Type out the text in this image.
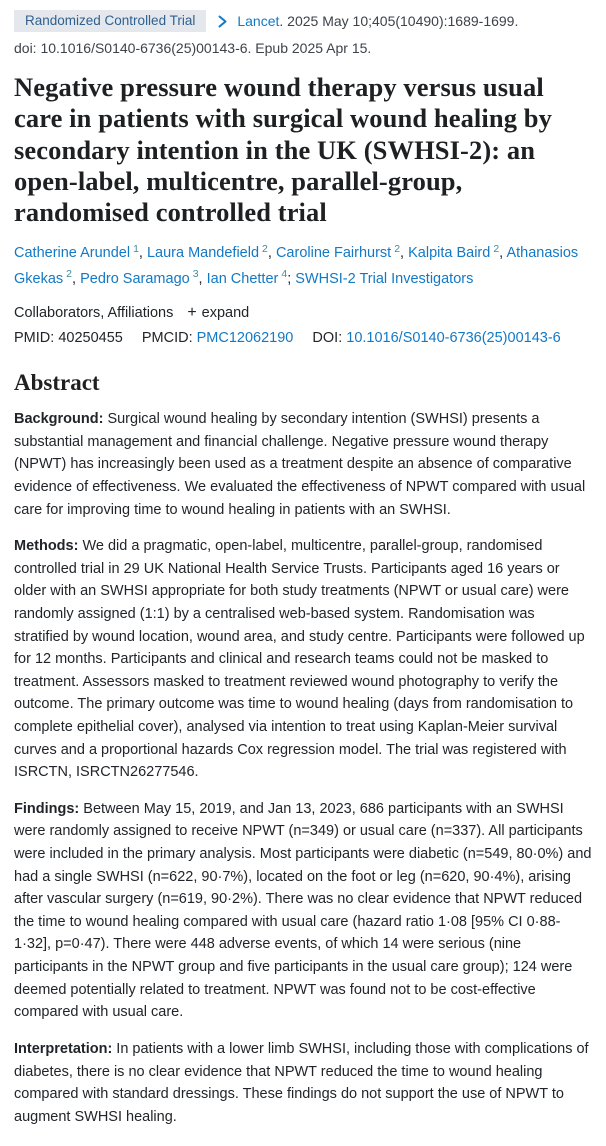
Randomized Controlled Trial	Lancet. 2025 May 10;405(10490):1689-1699.
doi: 10.1016/S0140-6736(25)00143-6. Epub 2025 Apr 15.
Negative pressure wound therapy versus usual care in patients with surgical wound healing by secondary intention in the UK (SWHSI-2): an open-label, multicentre, parallel-group, randomised controlled trial
Catherine Arundel $^1$, Laura Mandefield $^2$, Caroline Fairhurst $^2$, Kalpita Baird $^2$, Athanasios Gkekas $^2$, Pedro Saramago $^3$, Ian Chetter $^4$; SWHSI-2 Trial Investigators
Collaborators, Affiliations + expand
PMID: 40250455 PMCID: PMC12062190 DOI: 10.1016/S0140-6736(25)00143-6
Abstract

Background: Surgical wound healing by secondary intention (SWHSI) presents a substantial management and financial challenge. Negative pressure wound therapy (NPWT) has increasingly been used as a treatment despite an absence of comparative evidence of effectiveness. We evaluated the effectiveness of NPWT compared with usual care for improving time to wound healing in patients with an SWHSI.

Methods: We did a pragmatic, open-label, multicentre, parallel-group, randomised controlled trial in 29 UK National Health Service Trusts. Participants aged 16 years or older with an SWHSI appropriate for both study treatments (NPWT or usual care) were randomly assigned (1:1) by a centralised web-based system. Randomisation was stratified by wound location, wound area, and study centre. Participants were followed up for 12 months. Participants and clinical and research teams could not be masked to treatment. Assessors masked to treatment reviewed wound photography to verify the outcome. The primary outcome was time to wound healing (days from randomisation to complete epithelial cover), analysed via intention to treat using Kaplan-Meier survival curves and a proportional hazards Cox regression model. The trial was registered with ISRCTN, ISRCTN26277546.

Findings: Between May 15, 2019, and Jan 13, 2023, 686 participants with an SWHSI were randomly assigned to receive NPWT (n=349) or usual care (n=337). All participants were included in the primary analysis. Most participants were diabetic (n=549, 80·0%) and had a single SWHSI (n=622, 90·7%), located on the foot or leg (n=620, 90·4%), arising after vascular surgery (n=619, 90·2%). There was no clear evidence that NPWT reduced the time to wound healing compared with usual care (hazard ratio 1·08 [95% CI 0·88-1·32], p=0·47). There were 448 adverse events, of which 14 were serious (nine participants in the NPWT group and five participants in the usual care group); 124 were deemed potentially related to treatment. NPWT was found not to be cost-effective compared with usual care.

Interpretation: In patients with a lower limb SWHSI, including those with complications of diabetes, there is no clear evidence that NPWT reduced the time to wound healing compared with standard dressings. These findings do not support the use of NPWT to augment SWHSI healing.
